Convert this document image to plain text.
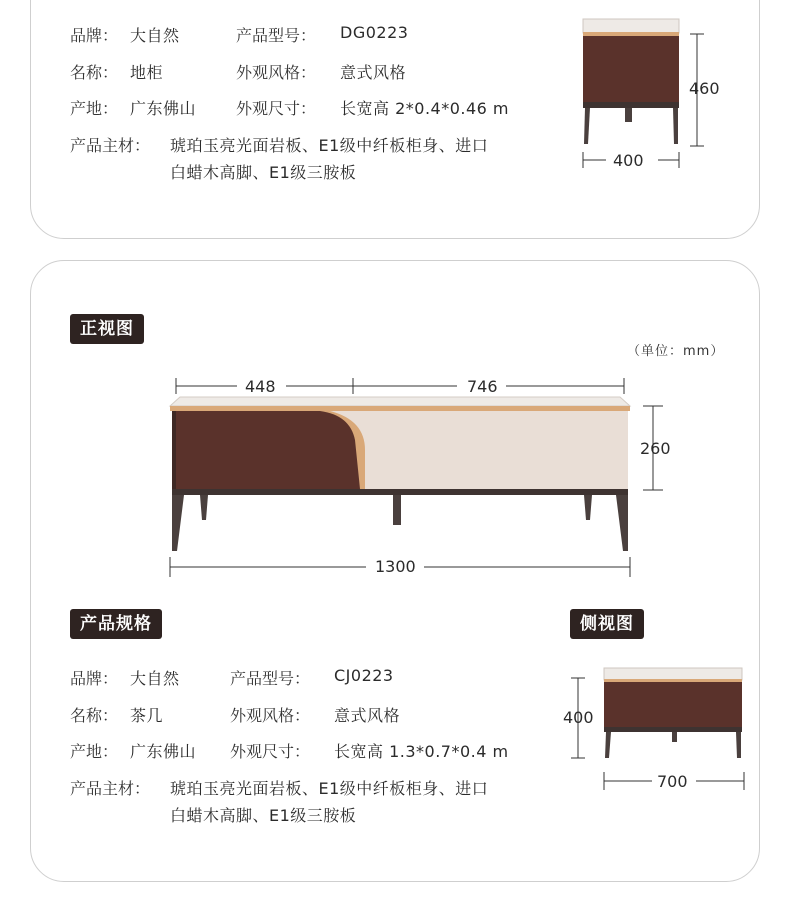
品牌： 大自然	产品型号： DG0223
名称： 地柜	外观风格： 意式风格
产地： 广东佛山 外观尺寸： 长宽高 2*0.4*0.46 m
产品主材： 琥珀玉亮光面岩板、E1级中纤板柜身、进口
白蜡木高脚、E1级三胺板
460
400
正视图
（单位：mm）
448	746
260
1300
产品规格	侧视图
品牌： 大自然	产品型号： CJ0223
名称： 茶几	外观风格： 意式风格
产地： 广东佛山 外观尺寸： 长宽高 1.3*0.7*0.4 m
产品主材： 琥珀玉亮光面岩板、E1级中纤板柜身、进口
白蜡木高脚、E1级三胺板
400
700
